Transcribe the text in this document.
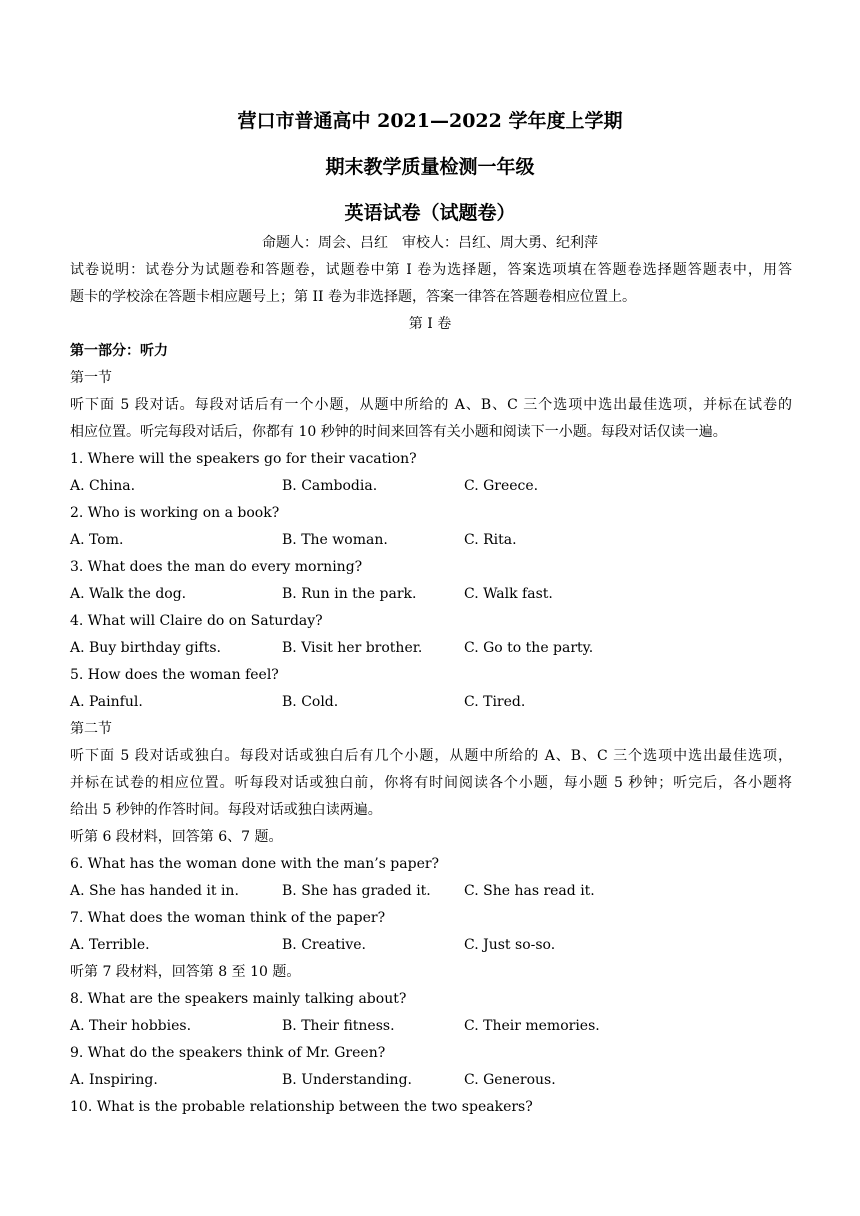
营口市普通高中 2021—2022 学年度上学期
期末教学质量检测一年级
英语试卷（试题卷）
命题人：周会、吕红　审校人：吕红、周大勇、纪利萍
试卷说明：试卷分为试题卷和答题卷，试题卷中第 I 卷为选择题，答案选项填在答题卷选择题答题表中，用答
题卡的学校涂在答题卡相应题号上；第 II 卷为非选择题，答案一律答在答题卷相应位置上。
第 I 卷
第一部分：听力
第一节
听下面 5 段对话。每段对话后有一个小题，从题中所给的 A、B、C 三个选项中选出最佳选项，并标在试卷的
相应位置。听完每段对话后，你都有 10 秒钟的时间来回答有关小题和阅读下一小题。每段对话仅读一遍。
1. Where will the speakers go for their vacation?
A. China.	B. Cambodia.	C. Greece.
2. Who is working on a book?
A. Tom.	B. The woman.	C. Rita.
3. What does the man do every morning?
A. Walk the dog.	B. Run in the park.	C. Walk fast.
4. What will Claire do on Saturday?
A. Buy birthday gifts.	B. Visit her brother.	C. Go to the party.
5. How does the woman feel?
A. Painful.	B. Cold.	C. Tired.
第二节
听下面 5 段对话或独白。每段对话或独白后有几个小题，从题中所给的 A、B、C 三个选项中选出最佳选项，
并标在试卷的相应位置。听每段对话或独白前，你将有时间阅读各个小题，每小题 5 秒钟；听完后，各小题将
给出 5 秒钟的作答时间。每段对话或独白读两遍。
听第 6 段材料，回答第 6、7 题。
6. What has the woman done with the man’s paper?
A. She has handed it in.	B. She has graded it. C. She has read it.
7. What does the woman think of the paper?
A. Terrible.	B. Creative.	C. Just so-so.
听第 7 段材料，回答第 8 至 10 题。
8. What are the speakers mainly talking about?
A. Their hobbies.	B. Their fitness.	C. Their memories.
9. What do the speakers think of Mr. Green?
A. Inspiring.	B. Understanding.	C. Generous.
10. What is the probable relationship between the two speakers?
